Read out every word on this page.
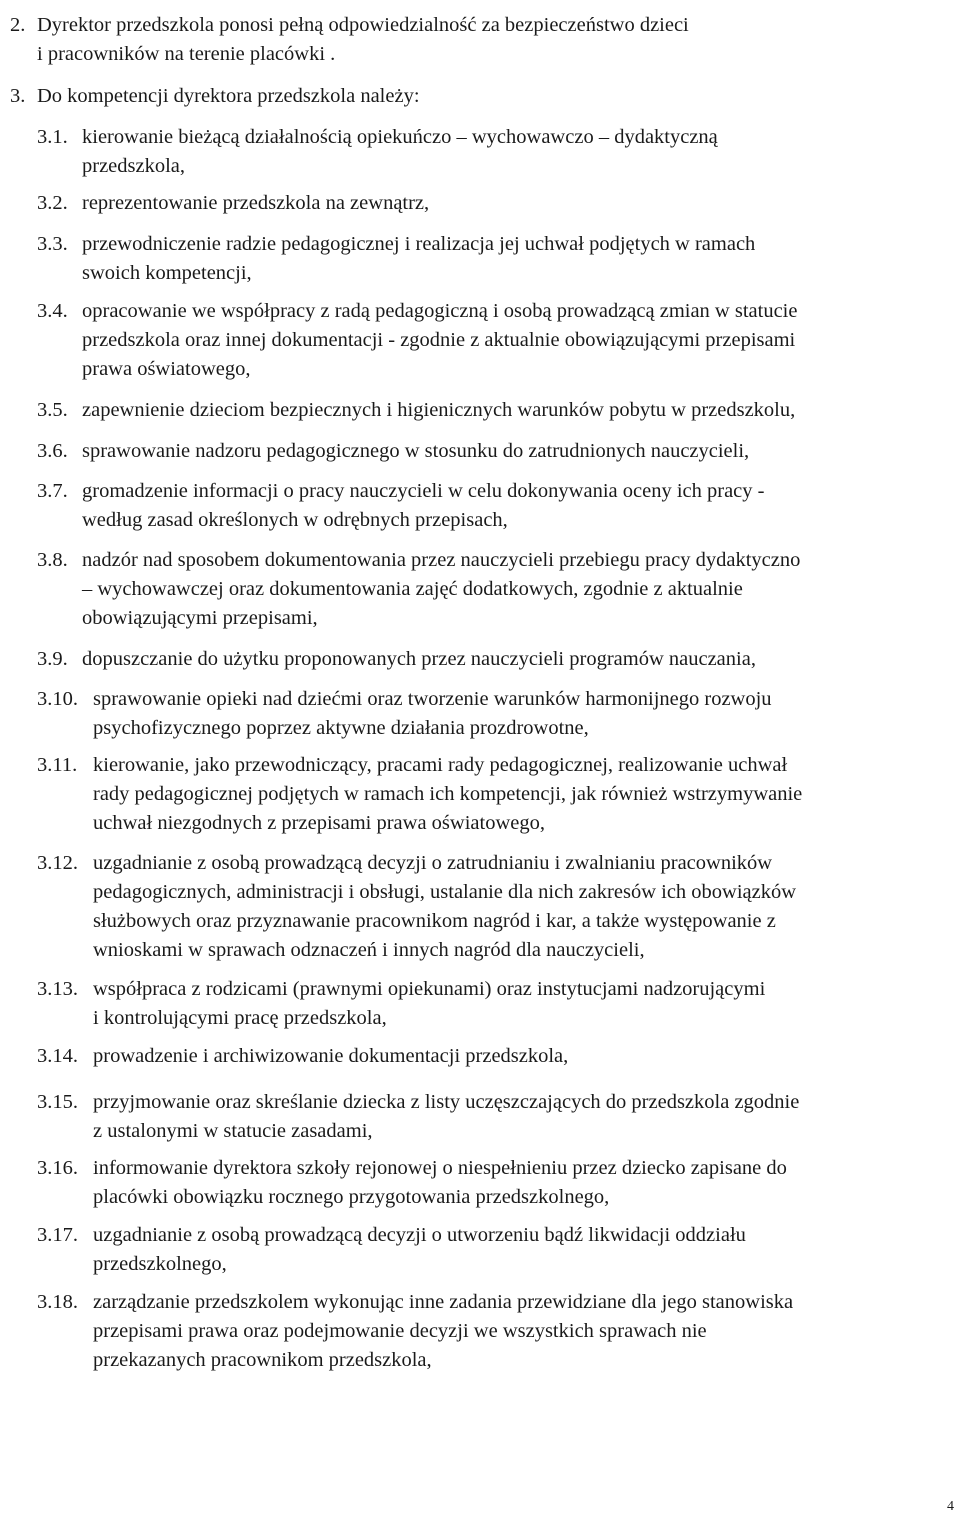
2. Dyrektor przedszkola ponosi pełną odpowiedzialność za bezpieczeństwo dzieci
i pracowników na terenie placówki .
3. Do kompetencji dyrektora przedszkola należy:
3.1. kierowanie bieżącą działalnością opiekuńczo ‒ wychowawczo ‒ dydaktyczną
przedszkola,
3.2. reprezentowanie przedszkola na zewnątrz,
3.3. przewodniczenie radzie pedagogicznej i realizacja jej uchwał podjętych w ramach
swoich kompetencji,
3.4. opracowanie we współpracy z radą pedagogiczną i osobą prowadzącą zmian w statucie
przedszkola oraz innej dokumentacji - zgodnie z aktualnie obowiązującymi przepisami
prawa oświatowego,
3.5. zapewnienie dzieciom bezpiecznych i higienicznych warunków pobytu w przedszkolu,
3.6. sprawowanie nadzoru pedagogicznego w stosunku do zatrudnionych nauczycieli,
3.7. gromadzenie informacji o pracy nauczycieli w celu dokonywania oceny ich pracy -
według zasad określonych w odrębnych przepisach,
3.8. nadzór nad sposobem dokumentowania przez nauczycieli przebiegu pracy dydaktyczno
‒ wychowawczej oraz dokumentowania zajęć dodatkowych, zgodnie z aktualnie
obowiązującymi przepisami,
3.9. dopuszczanie do użytku proponowanych przez nauczycieli programów nauczania,
3.10. sprawowanie opieki nad dziećmi oraz tworzenie warunków harmonijnego rozwoju
psychofizycznego poprzez aktywne działania prozdrowotne,
3.11. kierowanie, jako przewodniczący, pracami rady pedagogicznej, realizowanie uchwał
rady pedagogicznej podjętych w ramach ich kompetencji, jak również wstrzymywanie
uchwał niezgodnych z przepisami prawa oświatowego,
3.12. uzgadnianie z osobą prowadzącą decyzji o zatrudnianiu i zwalnianiu pracowników
pedagogicznych, administracji i obsługi, ustalanie dla nich zakresów ich obowiązków
służbowych oraz przyznawanie pracownikom nagród i kar, a także występowanie z
wnioskami w sprawach odznaczeń i innych nagród dla nauczycieli,
3.13. współpraca z rodzicami (prawnymi opiekunami) oraz instytucjami nadzorującymi
i kontrolującymi pracę przedszkola,
3.14. prowadzenie i archiwizowanie dokumentacji przedszkola,
3.15. przyjmowanie oraz skreślanie dziecka z listy uczęszczających do przedszkola zgodnie
z ustalonymi w statucie zasadami,
3.16. informowanie dyrektora szkoły rejonowej o niespełnieniu przez dziecko zapisane do
placówki obowiązku rocznego przygotowania przedszkolnego,
3.17. uzgadnianie z osobą prowadzącą decyzji o utworzeniu bądź likwidacji oddziału
przedszkolnego,
3.18. zarządzanie przedszkolem wykonując inne zadania przewidziane dla jego stanowiska
przepisami prawa oraz podejmowanie decyzji we wszystkich sprawach nie
przekazanych pracownikom przedszkola,
4
